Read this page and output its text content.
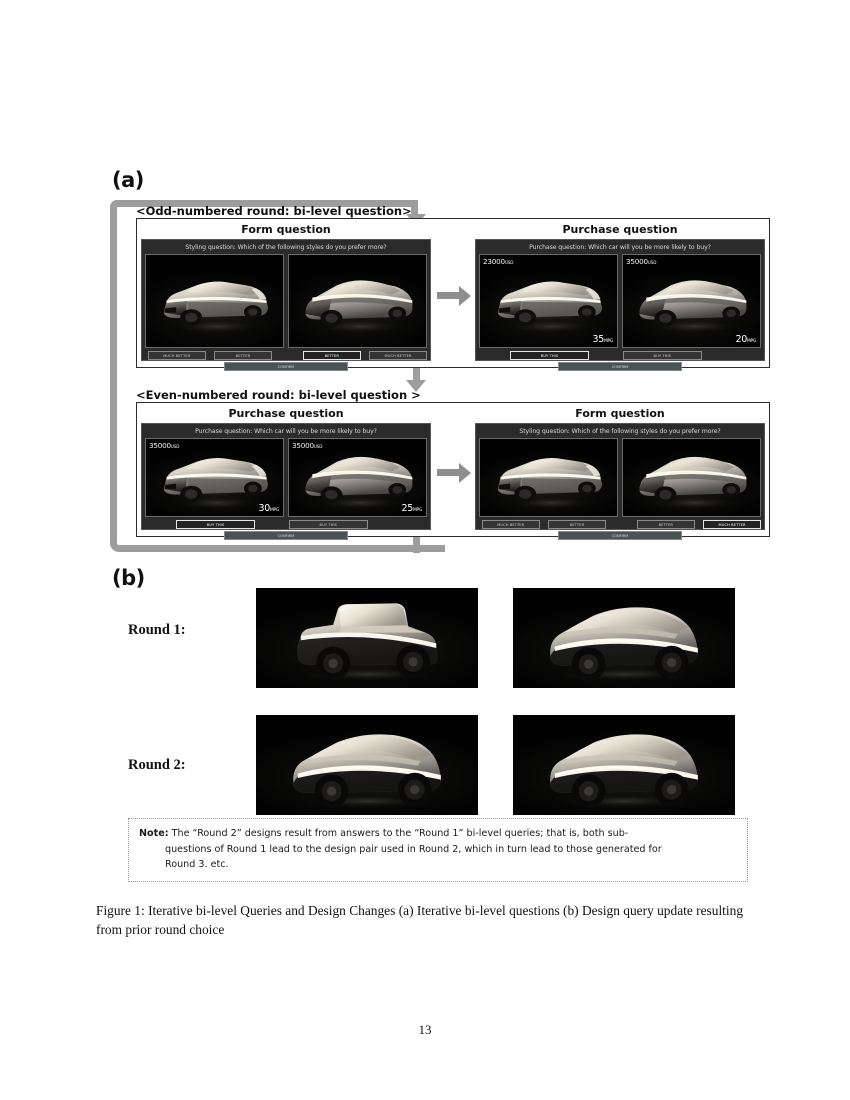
(a)
<Odd-numbered round: bi-level question>
Form question
Styling question: Which of the following styles do you prefer more?
MUCH BETTER	BETTER	BETTER	MUCH BETTER
CONFIRM
Purchase question
Purchase question: Which car will you be more likely to buy?
23000USD
35MPG
35000USD
20MPG
BUY THIS	BUY THIS
CONFIRM
<Even-numbered round: bi-level question >
Purchase question
Purchase question: Which car will you be more likely to buy?
35000USD
30MPG
35000USD
25MPG
BUY THIS	BUY THIS
CONFIRM
Form question
Styling question: Which of the following styles do you prefer more?
MUCH BETTER	BETTER	BETTER	MUCH BETTER
CONFIRM
(b)
Note: The “Round 2” designs result from answers to the “Round 1” bi-level queries; that is, both sub-
questions of Round 1 lead to the design pair used in Round 2, which in turn lead to those generated for
Round 3. etc.
Figure 1: Iterative bi-level Queries and Design Changes (a) Iterative bi-level questions (b) Design query update resulting from prior round choice
13
Round 1:
Round 2:
